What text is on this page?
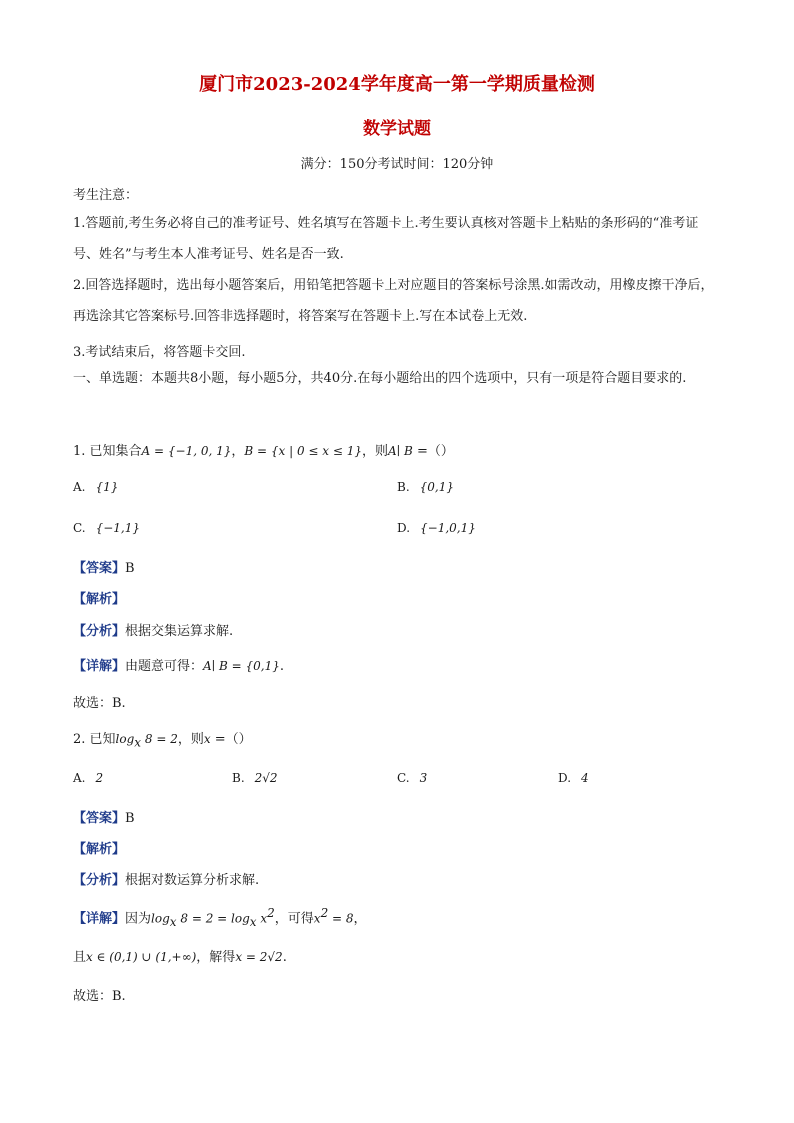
厦门市2023-2024学年度高一第一学期质量检测
数学试题
满分：150分考试时间：120分钟
考生注意：
1.答题前,考生务必将自己的准考证号、姓名填写在答题卡上.考生要认真核对答题卡上粘贴的条形码的“准考证号、姓名”与考生本人准考证号、姓名是否一致.
2.回答选择题时，选出每小题答案后，用铅笔把答题卡上对应题目的答案标号涂黑.如需改动，用橡皮擦干净后，再选涂其它答案标号.回答非选择题时，将答案写在答题卡上.写在本试卷上无效.
3.考试结束后，将答题卡交回.
一、单选题：本题共8小题，每小题5分，共40分.在每小题给出的四个选项中，只有一项是符合题目要求的.
1. 已知集合A = {−1, 0, 1}，B = {x | 0 ≤ x ≤ 1}，则A∣ B =（）
A. {1}	B. {0,1}
C. {−1,1}	D. {−1,0,1}
【答案】B
【解析】
【分析】根据交集运算求解.
【详解】由题意可得：A∣ B = {0,1}.
故选：B.
2. 已知$\log_x 8 = 2$，则x =（）
A. 2	B. 2√2	C. 3	D. 4
【答案】B
【解析】
【分析】根据对数运算分析求解.
【详解】因为$\log_x 8 = 2 = \log_x x^2$，可得$x^2 = 8$，
且x ∈ (0,1) ∪ (1,+∞)，解得x = 2√2.
故选：B.
